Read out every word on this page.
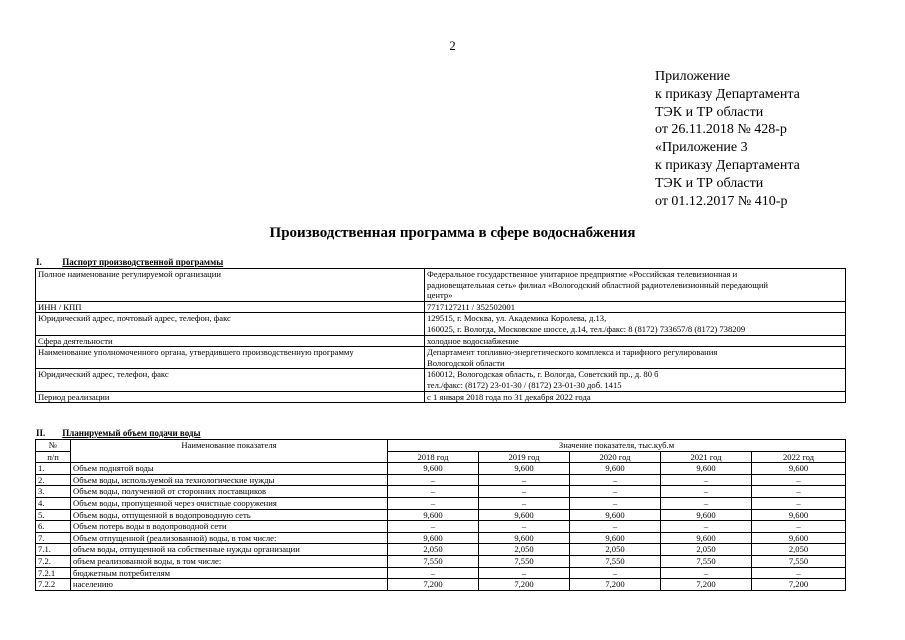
2
Приложение
к приказу Департамента
ТЭК и ТР области
от 26.11.2018 № 428-р
«Приложение 3
к приказу Департамента
ТЭК и ТР области
от 01.12.2017 № 410-р
Производственная программа в сфере водоснабжения
I. Паспорт производственной программы
Полное наименование регулируемой организации	Федеральное государственное унитарное предприятие «Российская телевизионная и
радиовещательная сеть» филиал «Вологодский областной радиотелевизионный передающий
центр»

ИНН / КПП	7717127211 / 352502001

Юридический адрес, почтовый адрес, телефон, факс	129515, г. Москва, ул. Академика Королева, д.13,
160025, г. Вологда, Московское шоссе, д.14, тел./факс: 8 (8172) 733657/8 (8172) 738209

Сфера деятельности	холодное водоснабжение

Наименование уполномоченного органа, утвердившего производственную программу	Департамент топливно-энергетического комплекса и тарифного регулирования
Вологодской области

Юридический адрес, телефон, факс	160012, Вологодская область, г. Вологда, Советский пр., д. 80 б
тел./факс: (8172) 23-01-30 / (8172) 23-01-30 доб. 1415

Период реализации	с 1 января 2018 года по 31 декабря 2022 года
II. Планируемый объем подачи воды
№	Наименование показателя	Значение показателя, тыс.куб.м				
п/п		2018 год	2019 год	2020 год	2021 год	2022 год
1.	Объем поднятой воды	9,600	9,600	9,600	9,600	9,600
2.	Объем воды, используемой на технологические нужды	–	–	–	–	–
3.	Объем воды, полученной от сторонних поставщиков	–	–	–	–	–
4.	Объем воды, пропущенной через очистные сооружения	–	–	–	–	–
5.	Объем воды, отпущенной в водопроводную сеть	9,600	9,600	9,600	9,600	9,600
6.	Объем потерь воды в водопроводной сети	–	–	–	–	–
7.	Объем отпущенной (реализованной) воды, в том числе:	9,600	9,600	9,600	9,600	9,600
7.1.	объем воды, отпущенной на собственные нужды организации	2,050	2,050	2,050	2,050	2,050
7.2.	объем реализованной воды, в том числе:	7,550	7,550	7,550	7,550	7,550
7.2.1	бюджетным потребителям	–	–	–	–	–
7.2.2	населению	7,200	7,200	7,200	7,200	7,200
